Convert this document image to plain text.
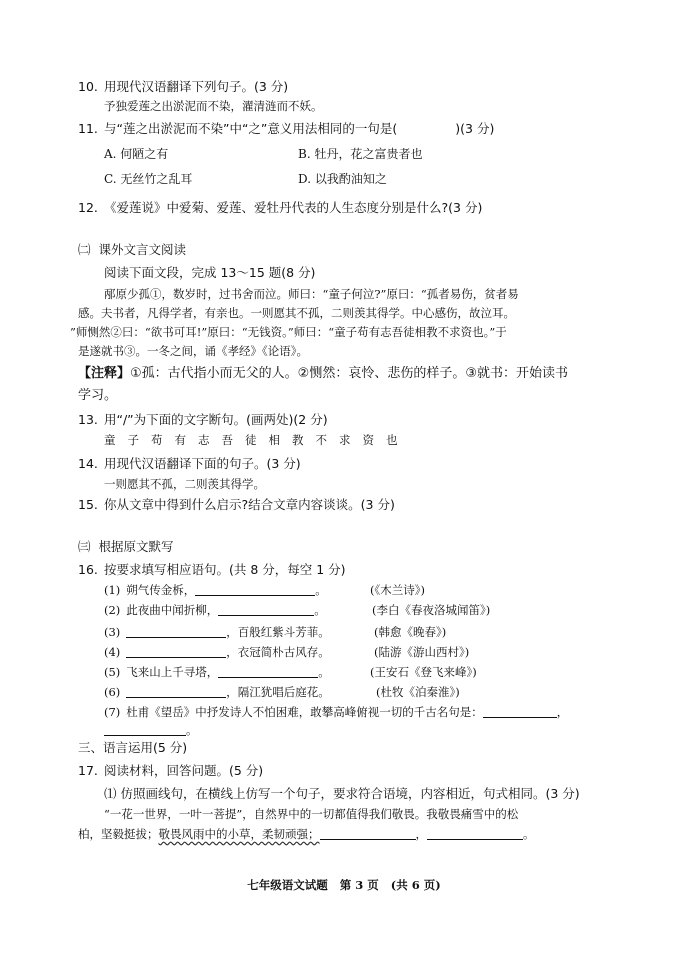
10. 用现代汉语翻译下列句子。(3 分)
予独爱莲之出淤泥而不染，濯清涟而不妖。
11. 与“莲之出淤泥而不染”中“之”意义用法相同的一句是(	)(3 分)
A. 何陋之有	B. 牡丹，花之富贵者也
C. 无丝竹之乱耳	D. 以我酌油知之
12. 《爱莲说》中爱菊、爱莲、爱牡丹代表的人生态度分别是什么?(3 分)
㈡ 课外文言文阅读
阅读下面文段，完成 13～15 题(8 分)
邴原少孤①，数岁时，过书舍而泣。师曰：“童子何泣?”原曰：“孤者易伤，贫者易
感。夫书者，凡得学者，有亲也。一则愿其不孤，二则羡其得学。中心感伤，故泣耳。
”师恻然②曰：“欲书可耳!”原曰：“无钱资。”师曰：“童子苟有志吾徒相教不求资也。”于
是遂就书③。一冬之间，诵《孝经》《论语》。
【注释】①孤：古代指小而无父的人。②恻然：哀怜、悲伤的样子。③就书：开始读书
学习。
13. 用“/”为下面的文字断句。(画两处)(2 分)
童子苟有志吾徒相教不求资也
14. 用现代汉语翻译下面的句子。(3 分)
一则愿其不孤，二则羡其得学。
15. 你从文章中得到什么启示?结合文章内容谈谈。(3 分)
㈢ 根据原文默写
16. 按要求填写相应语句。(共 8 分，每空 1 分)
(1) 朔气传金柝，	。	(《木兰诗》)
(2) 此夜曲中闻折柳，	。	(李白《春夜洛城闻笛》)
(3)	，百般红紫斗芳菲。	(韩愈《晚春》)
(4)	，衣冠简朴古风存。	(陆游《游山西村》)
(5) 飞来山上千寻塔，	。	(王安石《登飞来峰》)
(6)	，隔江犹唱后庭花。	(杜牧《泊秦淮》)
(7) 杜甫《望岳》中抒发诗人不怕困难，敢攀高峰俯视一切的千古名句是：	，
。
三、语言运用(5 分)
17. 阅读材料，回答问题。(5 分)
⑴ 仿照画线句，在横线上仿写一个句子，要求符合语境，内容相近，句式相同。(3 分)
“一花一世界，一叶一菩提”，自然界中的一切都值得我们敬畏。我敬畏痛雪中的松
柏，坚毅挺拔；敬畏风雨中的小草，柔韧顽强；	，	。
七年级语文试题 第 3 页 (共 6 页)
